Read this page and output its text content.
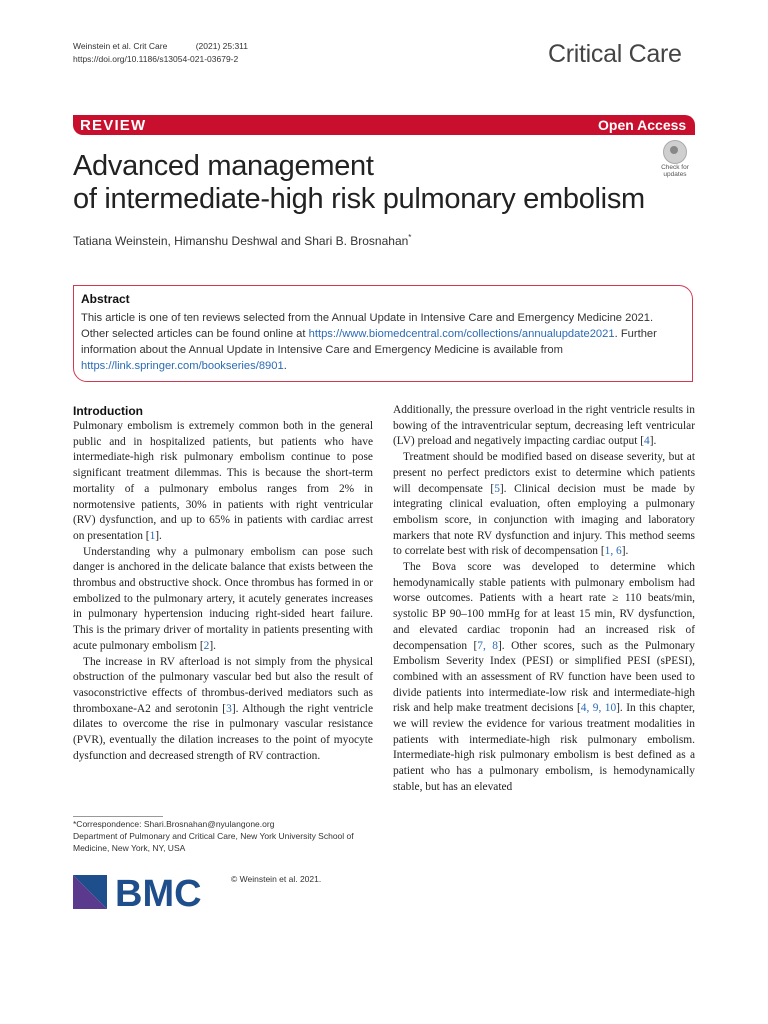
Weinstein et al. Crit Care	(2021) 25:311
https://doi.org/10.1186/s13054-021-03679-2	Critical Care
REVIEW	Open Access
Advanced management
of intermediate-high risk pulmonary embolism
Check for
updates
Tatiana Weinstein, Himanshu Deshwal and Shari B. Brosnahan*
Abstract
This article is one of ten reviews selected from the Annual Update in Intensive Care and Emergency Medicine 2021. Other selected articles can be found online at https://www.biomedcentral.com/collections/annualupdate2021. Further information about the Annual Update in Intensive Care and Emergency Medicine is available from https://link.springer.com/bookseries/8901.
Introduction

Pulmonary embolism is extremely common both in the general public and in hospitalized patients, but patients who have intermediate-high risk pulmonary embolism continue to pose significant treatment dilemmas. This is because the short-term mortality of a pulmonary embolus ranges from 2% in normotensive patients, 30% in patients with right ventricular (RV) dysfunction, and up to 65% in patients with cardiac arrest on presentation [1].

Understanding why a pulmonary embolism can pose such danger is anchored in the delicate balance that exists between the thrombus and obstructive shock. Once thrombus has formed in or embolized to the pulmonary artery, it acutely generates increases in pulmonary hypertension inducing right-sided heart failure. This is the primary driver of mortality in patients presenting with acute pulmonary embolism [2].

The increase in RV afterload is not simply from the physical obstruction of the pulmonary vascular bed but also the result of vasoconstrictive effects of thrombus-derived mediators such as thromboxane-A2 and serotonin [3]. Although the right ventricle dilates to overcome the rise in pulmonary vascular resistance (PVR), eventually the dilation increases to the point of myocyte dysfunction and decreased strength of RV contraction.

Additionally, the pressure overload in the right ventricle results in bowing of the intraventricular septum, decreasing left ventricular (LV) preload and negatively impacting cardiac output [4].

Treatment should be modified based on disease severity, but at present no perfect predictors exist to determine which patients will decompensate [5]. Clinical decision must be made by integrating clinical evaluation, often employing a pulmonary embolism score, in conjunction with imaging and laboratory markers that note RV dysfunction and injury. This method seems to correlate best with risk of decompensation [1, 6].

The Bova score was developed to determine which hemodynamically stable patients with pulmonary embolism had worse outcomes. Patients with a heart rate ≥ 110 beats/min, systolic BP 90–100 mmHg for at least 15 min, RV dysfunction, and elevated cardiac troponin had an increased risk of decompensation [7, 8]. Other scores, such as the Pulmonary Embolism Severity Index (PESI) or simplified PESI (sPESI), combined with an assessment of RV function have been used to divide patients into intermediate-low risk and intermediate-high risk and help make treatment decisions [4, 9, 10]. In this chapter, we will review the evidence for various treatment modalities in patients with intermediate-high risk pulmonary embolism. Intermediate-high risk pulmonary embolism is best defined as a patient who has a pulmonary embolism, is hemodynamically stable, but has an elevated

*Correspondence: Shari.Brosnahan@nyulangone.org
Department of Pulmonary and Critical Care, New York University School of Medicine, New York, NY, USA
BMC	© Weinstein et al. 2021.
